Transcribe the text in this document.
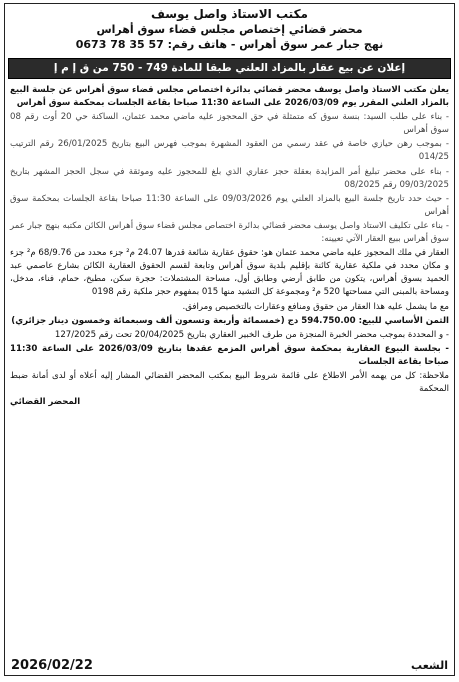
مكتب الاستاذ واصل يوسف
محضر قضائي إختصاص مجلس قضاء سوق أهراس
نهج جبار عمر سوق أهراس - هاتف رقم: 57 35 78 0673
إعلان عن بيع عقار بالمزاد العلني طبقا للمادة 749 - 750 من ق إ م إ

يعلن مكتب الاستاذ واصل يوسف محضر قضائي بدائرة اختصاص مجلس قضاء سوق أهراس عن جلسة البيع بالمزاد العلني المقرر يوم 2026/03/09 على الساعة 11:30 صباحا بقاعة الجلسات بمحكمة سوق أهراس

- بناء على طلب السيد: بنسة سوق كه متمثلة في حق المحجوز عليه ماضي محمد عثمان، الساكنة حي 20 أوت رقم 08 سوق أهراس

- بموجب رهن حيازي خاصة في عقد رسمي من العقود المشهرة بموجب فهرس البيع بتاريخ 26/01/2025 رقم الترتيب 014/25

- بناء على محضر تبليغ أمر المزايدة بعقلة حجز عقاري الذي بلغ للمحجوز عليه وموثقة في سجل الحجز المشهر بتاريخ 09/03/2025 رقم 08/2025

- حيث حدد تاريخ جلسة البيع بالمزاد العلني يوم 09/03/2026 على الساعة 11:30 صباحا بقاعة الجلسات بمحكمة سوق أهراس

- بناء على تكليف الاستاذ واصل يوسف محضر قضائي بدائرة اختصاص مجلس قضاء سوق أهراس الكائن مكتبه بنهج جبار عمر سوق أهراس ببيع العقار الآتي تعيينه:

العقار في ملك المحجوز عليه ماضي محمد عثمان هو: حقوق عقارية شائعة قدرها 24.07 م² جزء محدد من 68/9.76 م² جزء و مكان محدد في ملكية عقارية كائنة بإقليم بلدية سوق أهراس وتابعة لقسم الحقوق العقارية الكائن بشارع عاصمي عبد الحميد بسوق أهراس، يتكون من طابق أرضي وطابق أول، مساحة المشتملات: حجرة سكن، مطبخ، حمام، فناء، مدخل، ومساحة بالمبنى التي مساحتها 520 م² ومجموعة كل التشيد منها 015 بمفهوم حجز ملكية رقم 0198

مع ما يشمل عليه هذا العقار من حقوق ومنافع وعقارات بالتخصيص ومرافق.

الثمن الأساسي للبيع: 594.750.00 دج (خمسمائة وأربعة وتسعون ألف وسبعمائة وخمسون دينار جزائري)

- و المحددة بموجب محضر الخبرة المنجزة من طرف الخبير العقاري بتاريخ 20/04/2025 تحت رقم 127/2025

- بجلسة البيوع العقارية بمحكمة سوق أهراس المزمع عقدها بتاريخ 2026/03/09 على الساعة 11:30 صباحا بقاعة الجلسات

ملاحظة: كل من يهمه الأمر الاطلاع على قائمة شروط البيع بمكتب المحضر القضائي المشار إليه أعلاه أو لدى أمانة ضبط المحكمة

المحضر القضائي
الشعب
2026/02/22
